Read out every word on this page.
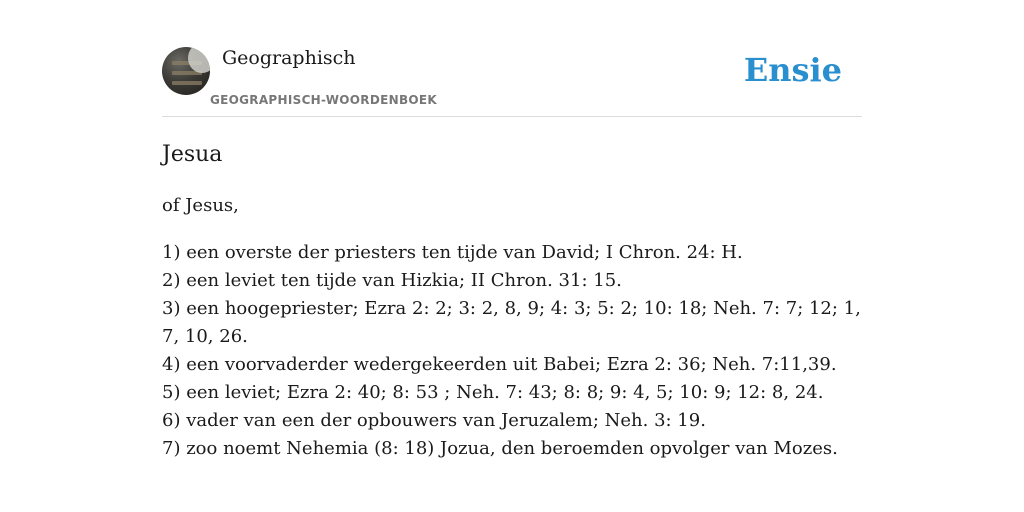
Geographisch
GEOGRAPHISCH-WOORDENBOEK
Ensie
Jesua

of Jesus,

1) een overste der priesters ten tijde van David; I Chron. 24: H.
2) een leviet ten tijde van Hizkia; II Chron. 31: 15.
3) een hoogepriester; Ezra 2: 2; 3: 2, 8, 9; 4: 3; 5: 2; 10: 18; Neh. 7: 7; 12; 1, 7, 10, 26.
4) een voorvaderder wedergekeerden uit Babei; Ezra 2: 36; Neh. 7:11,39.
5) een leviet; Ezra 2: 40; 8: 53 ; Neh. 7: 43; 8: 8; 9: 4, 5; 10: 9; 12: 8, 24.
6) vader van een der opbouwers van Jeruzalem; Neh. 3: 19.
7) zoo noemt Nehemia (8: 18) Jozua, den beroemden opvolger van Mozes.
